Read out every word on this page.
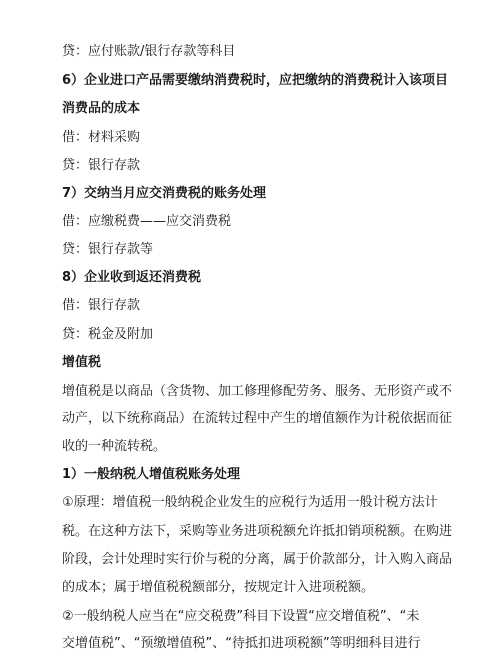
贷：应付账款/银行存款等科目
6）企业进口产品需要缴纳消费税时，应把缴纳的消费税计入该项目
消费品的成本
借：材料采购
贷：银行存款
7）交纳当月应交消费税的账务处理
借：应缴税费——应交消费税
贷：银行存款等
8）企业收到返还消费税
借：银行存款
贷：税金及附加
增值税
增值税是以商品（含货物、加工修理修配劳务、服务、无形资产或不
动产，以下统称商品）在流转过程中产生的增值额作为计税依据而征
收的一种流转税。
1）一般纳税人增值税账务处理
①原理：增值税一般纳税企业发生的应税行为适用一般计税方法计
税。在这种方法下，采购等业务进项税额允许抵扣销项税额。在购进
阶段，会计处理时实行价与税的分离，属于价款部分，计入购入商品
的成本；属于增值税税额部分，按规定计入进项税额。
②一般纳税人应当在“应交税费”科目下设置“应交增值税”、“未
交增值税”、“预缴增值税”、“待抵扣进项税额”等明细科目进行
